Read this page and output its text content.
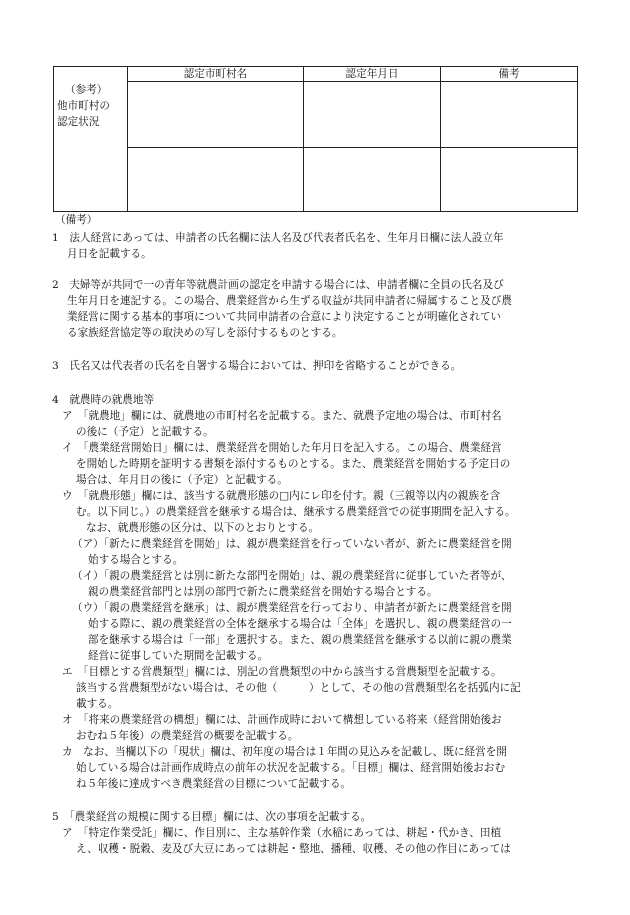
（参考）
他市町村の
認定状況
認定市町村名	認定年月日	備考
（備考）
1　法人経営にあっては、申請者の氏名欄に法人名及び代表者氏名を、生年月日欄に法人設立年
月日を記載する。
2　夫婦等が共同で一の青年等就農計画の認定を申請する場合には、申請者欄に全員の氏名及び
生年月日を連記する。この場合、農業経営から生ずる収益が共同申請者に帰属すること及び農
業経営に関する基本的事項について共同申請者の合意により決定することが明確化されてい
る家族経営協定等の取決めの写しを添付するものとする。
3　氏名又は代表者の氏名を自署する場合においては、押印を省略することができる。
4　就農時の就農地等
ア　「就農地」欄には、就農地の市町村名を記載する。また、就農予定地の場合は、市町村名
の後に（予定）と記載する。
イ　「農業経営開始日」欄には、農業経営を開始した年月日を記入する。この場合、農業経営
を開始した時期を証明する書類を添付するものとする。また、農業経営を開始する予定日の
場合は、年月日の後に（予定）と記載する。
ウ　「就農形態」欄には、該当する就農形態の□内にレ印を付す。親（三親等以内の親族を含
む。以下同じ。）の農業経営を継承する場合は、継承する農業経営での従事期間を記入する。
なお、就農形態の区分は、以下のとおりとする。
（ア）「新たに農業経営を開始」は、親が農業経営を行っていない者が、新たに農業経営を開
始する場合とする。
（イ）「親の農業経営とは別に新たな部門を開始」は、親の農業経営に従事していた者等が、
親の農業経営部門とは別の部門で新たに農業経営を開始する場合とする。
（ウ）「親の農業経営を継承」は、親が農業経営を行っており、申請者が新たに農業経営を開
始する際に、親の農業経営の全体を継承する場合は「全体」を選択し、親の農業経営の一
部を継承する場合は「一部」を選択する。また、親の農業経営を継承する以前に親の農業
経営に従事していた期間を記載する。
エ　「目標とする営農類型」欄には、別記の営農類型の中から該当する営農類型を記載する。
該当する営農類型がない場合は、その他（　　　）として、その他の営農類型名を括弧内に記
載する。
オ　「将来の農業経営の構想」欄には、計画作成時において構想している将来（経営開始後お
おむね５年後）の農業経営の概要を記載する。
カ　なお、当欄以下の「現状」欄は、初年度の場合は１年間の見込みを記載し、既に経営を開
始している場合は計画作成時点の前年の状況を記載する。「目標」欄は、経営開始後おおむ
ね５年後に達成すべき農業経営の目標について記載する。
5　「農業経営の規模に関する目標」欄には、次の事項を記載する。
ア　「特定作業受託」欄に、作目別に、主な基幹作業（水稲にあっては、耕起・代かき、田植
え、収穫・脱穀、麦及び大豆にあっては耕起・整地、播種、収穫、その他の作目にあっては
